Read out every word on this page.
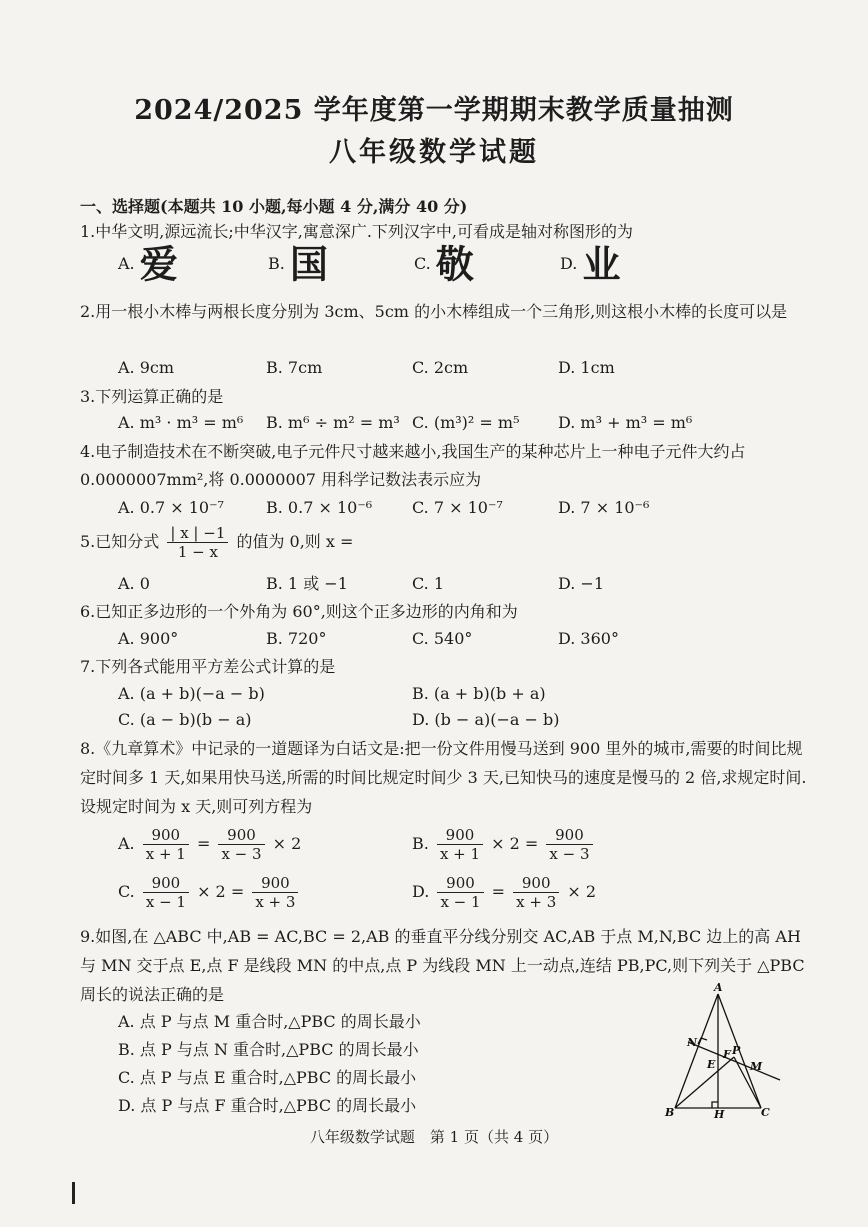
2024/2025 学年度第一学期期末教学质量抽测
八年级数学试题
一、选择题(本题共 10 小题,每小题 4 分,满分 40 分)
1.中华文明,源远流长;中华汉字,寓意深广.下列汉字中,可看成是轴对称图形的为
A. 爱	B. 国	C. 敬	D. 业
2.用一根小木棒与两根长度分别为 3cm、5cm 的小木棒组成一个三角形,则这根小木棒的长度可以是
A. 9cm	B. 7cm	C. 2cm	D. 1cm
3.下列运算正确的是
A. m³ · m³ = m⁶ B. m⁶ ÷ m² = m³ C. (m³)² = m⁵ D. m³ + m³ = m⁶
4.电子制造技术在不断突破,电子元件尺寸越来越小,我国生产的某种芯片上一种电子元件大约占 0.0000007mm²,将 0.0000007 用科学记数法表示应为
A. 0.7 × 10⁻⁷	B. 0.7 × 10⁻⁶ C. 7 × 10⁻⁷	D. 7 × 10⁻⁶
5.已知分式 $\frac{| x | -1}{1 - x}$ 的值为 0,则 x =
A. 0	B. 1 或 −1	C. 1	D. −1
6.已知正多边形的一个外角为 60°,则这个正多边形的内角和为
A. 900°	B. 720°	C. 540°	D. 360°
7.下列各式能用平方差公式计算的是
A. (a + b)(−a − b)	B. (a + b)(b + a)
C. (a − b)(b − a)	D. (b − a)(−a − b)
8.《九章算术》中记录的一道题译为白话文是:把一份文件用慢马送到 900 里外的城市,需要的时间比规定时间多 1 天,如果用快马送,所需的时间比规定时间少 3 天,已知快马的速度是慢马的 2 倍,求规定时间.设规定时间为 x 天,则可列方程为
A. $\frac{900}{x + 1} = \frac{900}{x - 3} \times 2$	B. $\frac{900}{x + 1} \times 2 = \frac{900}{x - 3}$
C. $\frac{900}{x - 1} \times 2 = \frac{900}{x + 3}$	D. $\frac{900}{x - 1} = \frac{900}{x + 3} \times 2$
9.如图,在 △ABC 中,AB = AC,BC = 2,AB 的垂直平分线分别交 AC,AB 于点 M,N,BC 边上的高 AH 与 MN 交于点 E,点 F 是线段 MN 的中点,点 P 为线段 MN 上一动点,连结 PB,PC,则下列关于 △PBC 周长的说法正确的是
A. 点 P 与点 M 重合时,△PBC 的周长最小
B. 点 P 与点 N 重合时,△PBC 的周长最小
C. 点 P 与点 E 重合时,△PBC 的周长最小
D. 点 P 与点 F 重合时,△PBC 的周长最小
A
B	C
H
N
E
F P
M
八年级数学试题　第 1 页（共 4 页）
